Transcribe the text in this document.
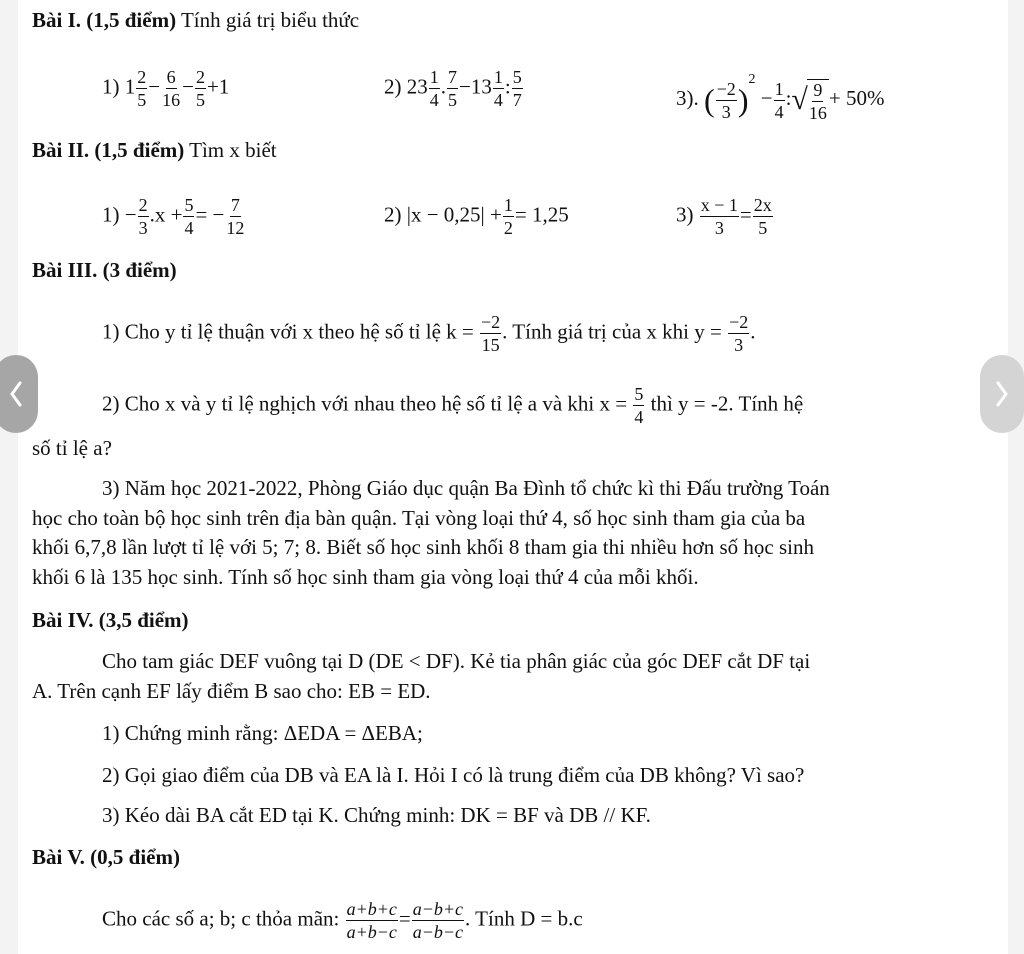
Bài I. (1,5 điểm) Tính giá trị biểu thức
1) $1 \frac{2}{5} - \frac{6}{16} - \frac{2}{5} +1$	2) $23 \frac{1}{4}$ . $\frac{7}{5} -13 \frac{1}{4}$ : $\frac{5}{7}$	3). ( $\frac{-2}{3} )^2 - \frac{1}{4}$ : √ $\frac{9}{16} + 50\%$
Bài II. (1,5 điểm) Tìm x biết
$1) - \frac{2}{3} .x + \frac{5}{4}$ = − $\frac{7}{12}$	2) $|x - 0,25| + \frac{1}{2} = 1,25$	$3) \frac{x - 1}{3} = \frac{2x}{5}$
Bài III. (3 điểm)
1) Cho y tỉ lệ thuận với x theo hệ số tỉ lệ $k = \frac{-2}{15}$ . Tính giá trị của x khi $y = \frac{-2}{3}$ .
2) Cho x và y tỉ lệ nghịch với nhau theo hệ số tỉ lệ a và khi $x = \frac{5}{4}$ thì y = -2. Tính hệ
số tỉ lệ a?
3) Năm học 2021-2022, Phòng Giáo dục quận Ba Đình tổ chức kì thi Đấu trường Toán
học cho toàn bộ học sinh trên địa bàn quận. Tại vòng loại thứ 4, số học sinh tham gia của ba
khối 6,7,8 lần lượt tỉ lệ với 5; 7; 8. Biết số học sinh khối 8 tham gia thi nhiều hơn số học sinh
khối 6 là 135 học sinh. Tính số học sinh tham gia vòng loại thứ 4 của mỗi khối.
Bài IV. (3,5 điểm)
Cho tam giác DEF vuông tại D (DE < DF). Kẻ tia phân giác của góc DEF cắt DF tại
A. Trên cạnh EF lấy điểm B sao cho: EB = ED.
1) Chứng minh rằng: ΔEDA = ΔEBA;
2) Gọi giao điểm của DB và EA là I. Hỏi I có là trung điểm của DB không? Vì sao?
3) Kéo dài BA cắt ED tại K. Chứng minh: DK = BF và DB // KF.
Bài V. (0,5 điểm)
Cho các số a; b; c thỏa mãn: $\frac{a+b+c}{a+b-c} = \frac{a-b+c}{a-b-c}$ . Tính D = b.c
